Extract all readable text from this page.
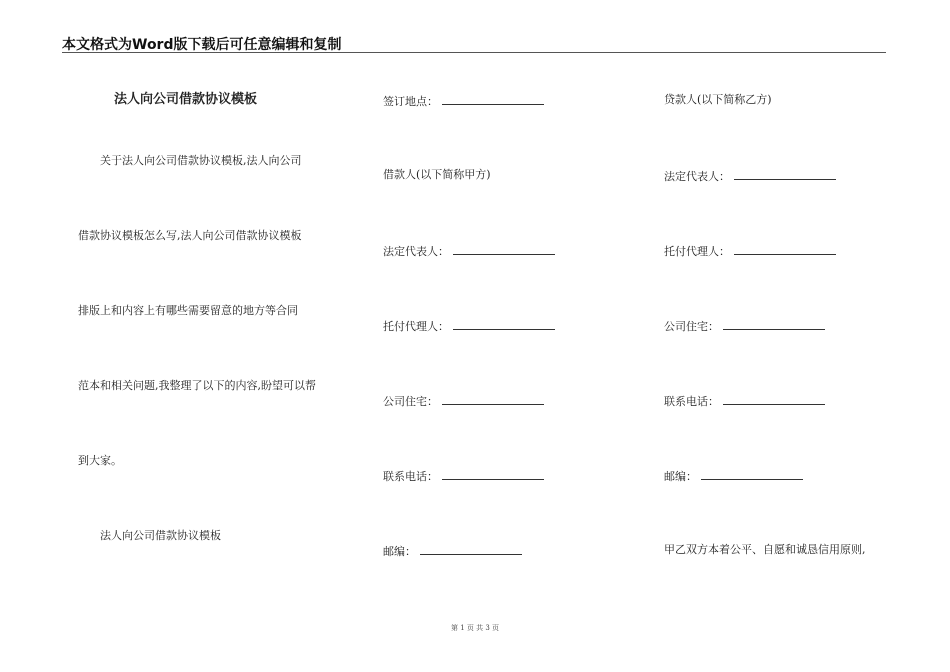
本文格式为Word版下载后可任意编辑和复制
法人向公司借款协议模板
关于法人向公司借款协议模板,法人向公司
借款协议模板怎么写,法人向公司借款协议模板
排版上和内容上有哪些需要留意的地方等合同
范本和相关问题,我整理了以下的内容,盼望可以帮
到大家。
法人向公司借款协议模板
签订地点：
借款人(以下简称甲方)
法定代表人：
托付代理人：
公司住宅：
联系电话：
邮编：
贷款人(以下简称乙方)
法定代表人：
托付代理人：
公司住宅：
联系电话：
邮编：
甲乙双方本着公平、自愿和诚恳信用原则,
第 1 页 共 3 页
